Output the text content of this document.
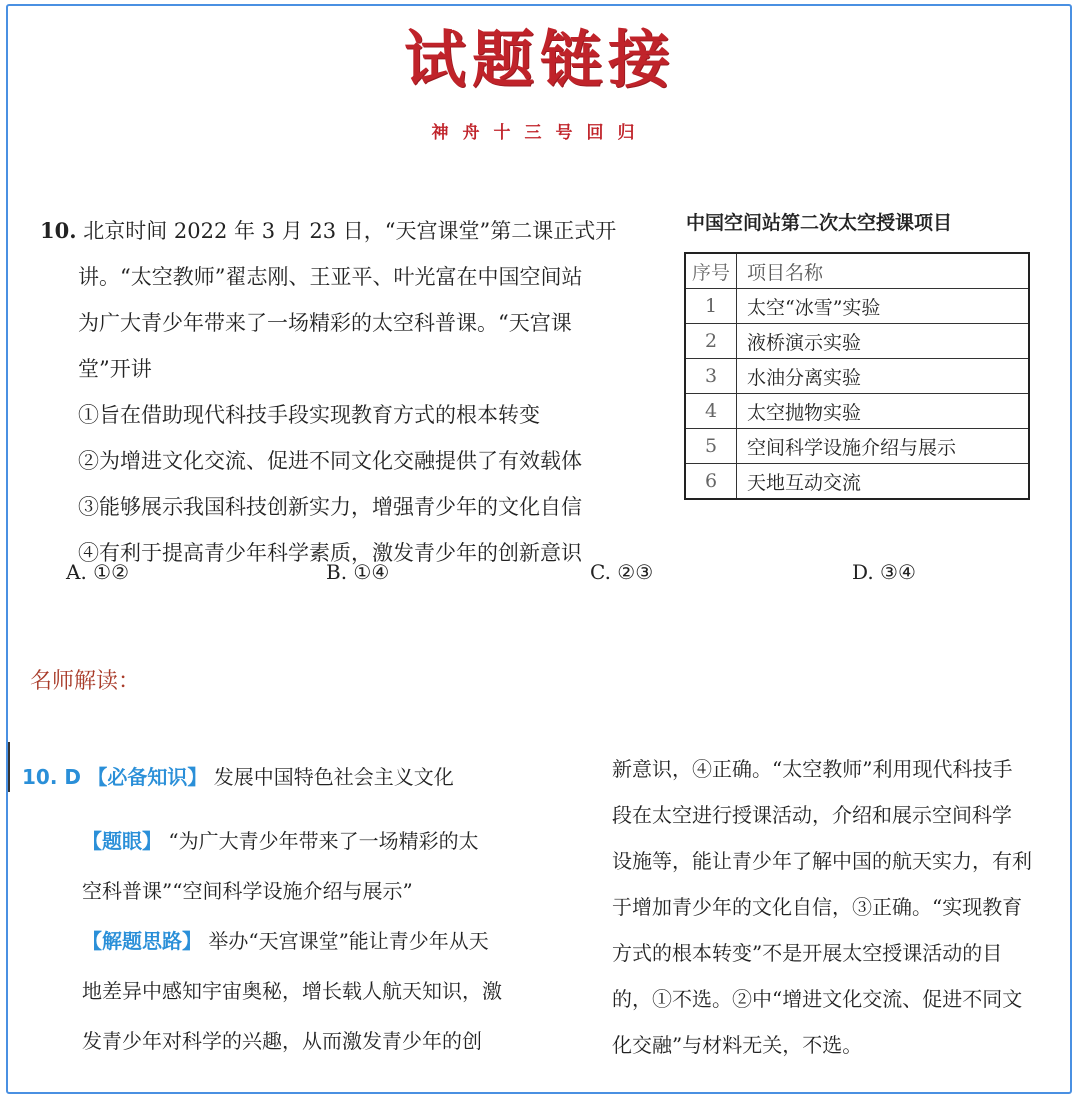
试题链接
神舟十三号回归

10. 北京时间 2022 年 3 月 23 日，“天宫课堂”第二课正式开

讲。“太空教师”翟志刚、王亚平、叶光富在中国空间站

为广大青少年带来了一场精彩的太空科普课。“天宫课

堂”开讲

①旨在借助现代科技手段实现教育方式的根本转变

②为增进文化交流、促进不同文化交融提供了有效载体

③能够展示我国科技创新实力，增强青少年的文化自信

④有利于提高青少年科学素质，激发青少年的创新意识

A. ①②	B. ①④	C. ②③	D. ③④
中国空间站第二次太空授课项目
序号	项目名称
1	太空“冰雪”实验
2	液桥演示实验
3	水油分离实验
4	太空抛物实验
5	空间科学设施介绍与展示
6	天地互动交流
名师解读：

10. D 【必备知识】 发展中国特色社会主义文化

【题眼】 “为广大青少年带来了一场精彩的太

空科普课”“空间科学设施介绍与展示”

【解题思路】 举办“天宫课堂”能让青少年从天

地差异中感知宇宙奥秘，增长载人航天知识，激

发青少年对科学的兴趣，从而激发青少年的创

新意识，④正确。“太空教师”利用现代科技手

段在太空进行授课活动，介绍和展示空间科学

设施等，能让青少年了解中国的航天实力，有利

于增加青少年的文化自信，③正确。“实现教育

方式的根本转变”不是开展太空授课活动的目

的，①不选。②中“增进文化交流、促进不同文

化交融”与材料无关，不选。
